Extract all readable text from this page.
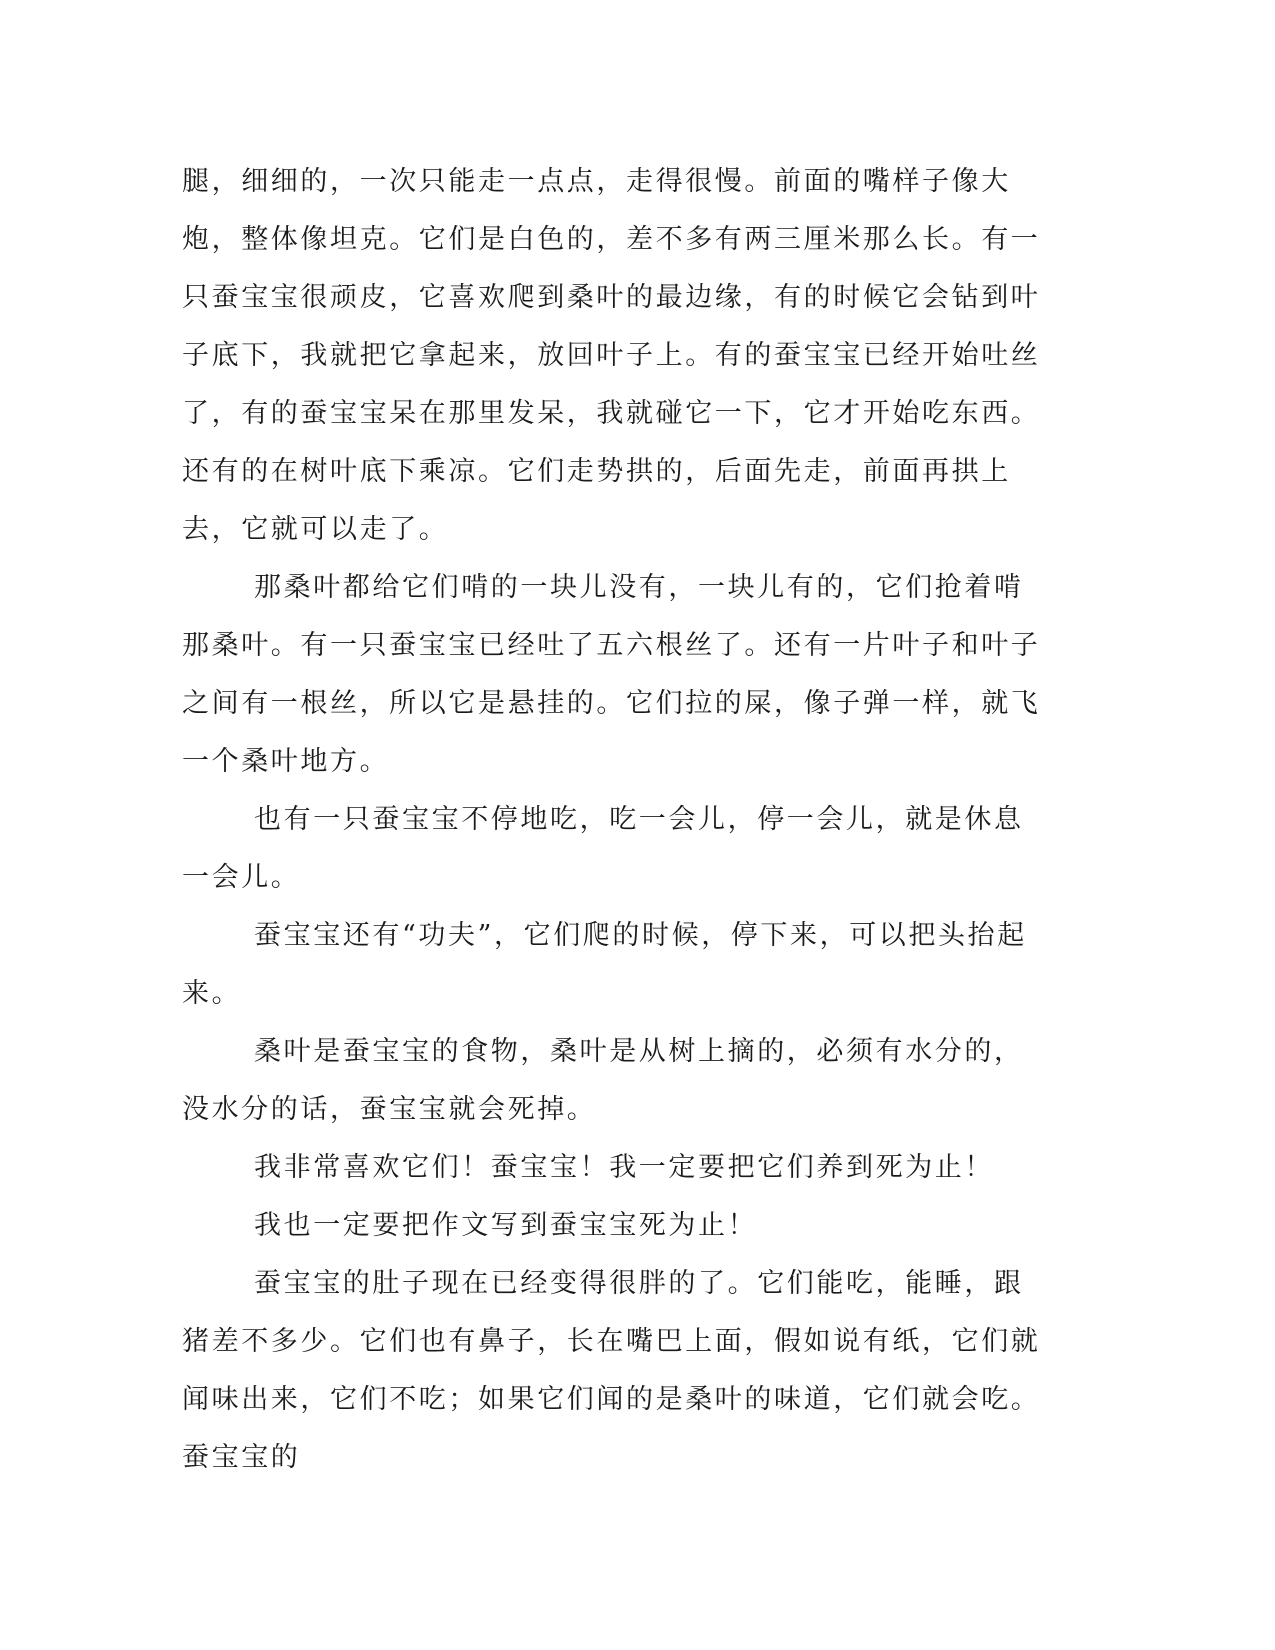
腿，细细的，一次只能走一点点，走得很慢。前面的嘴样子像大炮，整体像坦克。它们是白色的，差不多有两三厘米那么长。有一只蚕宝宝很顽皮，它喜欢爬到桑叶的最边缘，有的时候它会钻到叶子底下，我就把它拿起来，放回叶子上。有的蚕宝宝已经开始吐丝了，有的蚕宝宝呆在那里发呆，我就碰它一下，它才开始吃东西。还有的在树叶底下乘凉。它们走势拱的，后面先走，前面再拱上去，它就可以走了。

那桑叶都给它们啃的一块儿没有，一块儿有的，它们抢着啃那桑叶。有一只蚕宝宝已经吐了五六根丝了。还有一片叶子和叶子之间有一根丝，所以它是悬挂的。它们拉的屎，像子弹一样，就飞一个桑叶地方。

也有一只蚕宝宝不停地吃，吃一会儿，停一会儿，就是休息一会儿。

蚕宝宝还有“功夫”，它们爬的时候，停下来，可以把头抬起来。

桑叶是蚕宝宝的食物，桑叶是从树上摘的，必须有水分的，没水分的话，蚕宝宝就会死掉。

我非常喜欢它们！蚕宝宝！我一定要把它们养到死为止！

我也一定要把作文写到蚕宝宝死为止！

蚕宝宝的肚子现在已经变得很胖的了。它们能吃，能睡，跟猪差不多少。它们也有鼻子，长在嘴巴上面，假如说有纸，它们就闻味出来，它们不吃；如果它们闻的是桑叶的味道，它们就会吃。蚕宝宝的
